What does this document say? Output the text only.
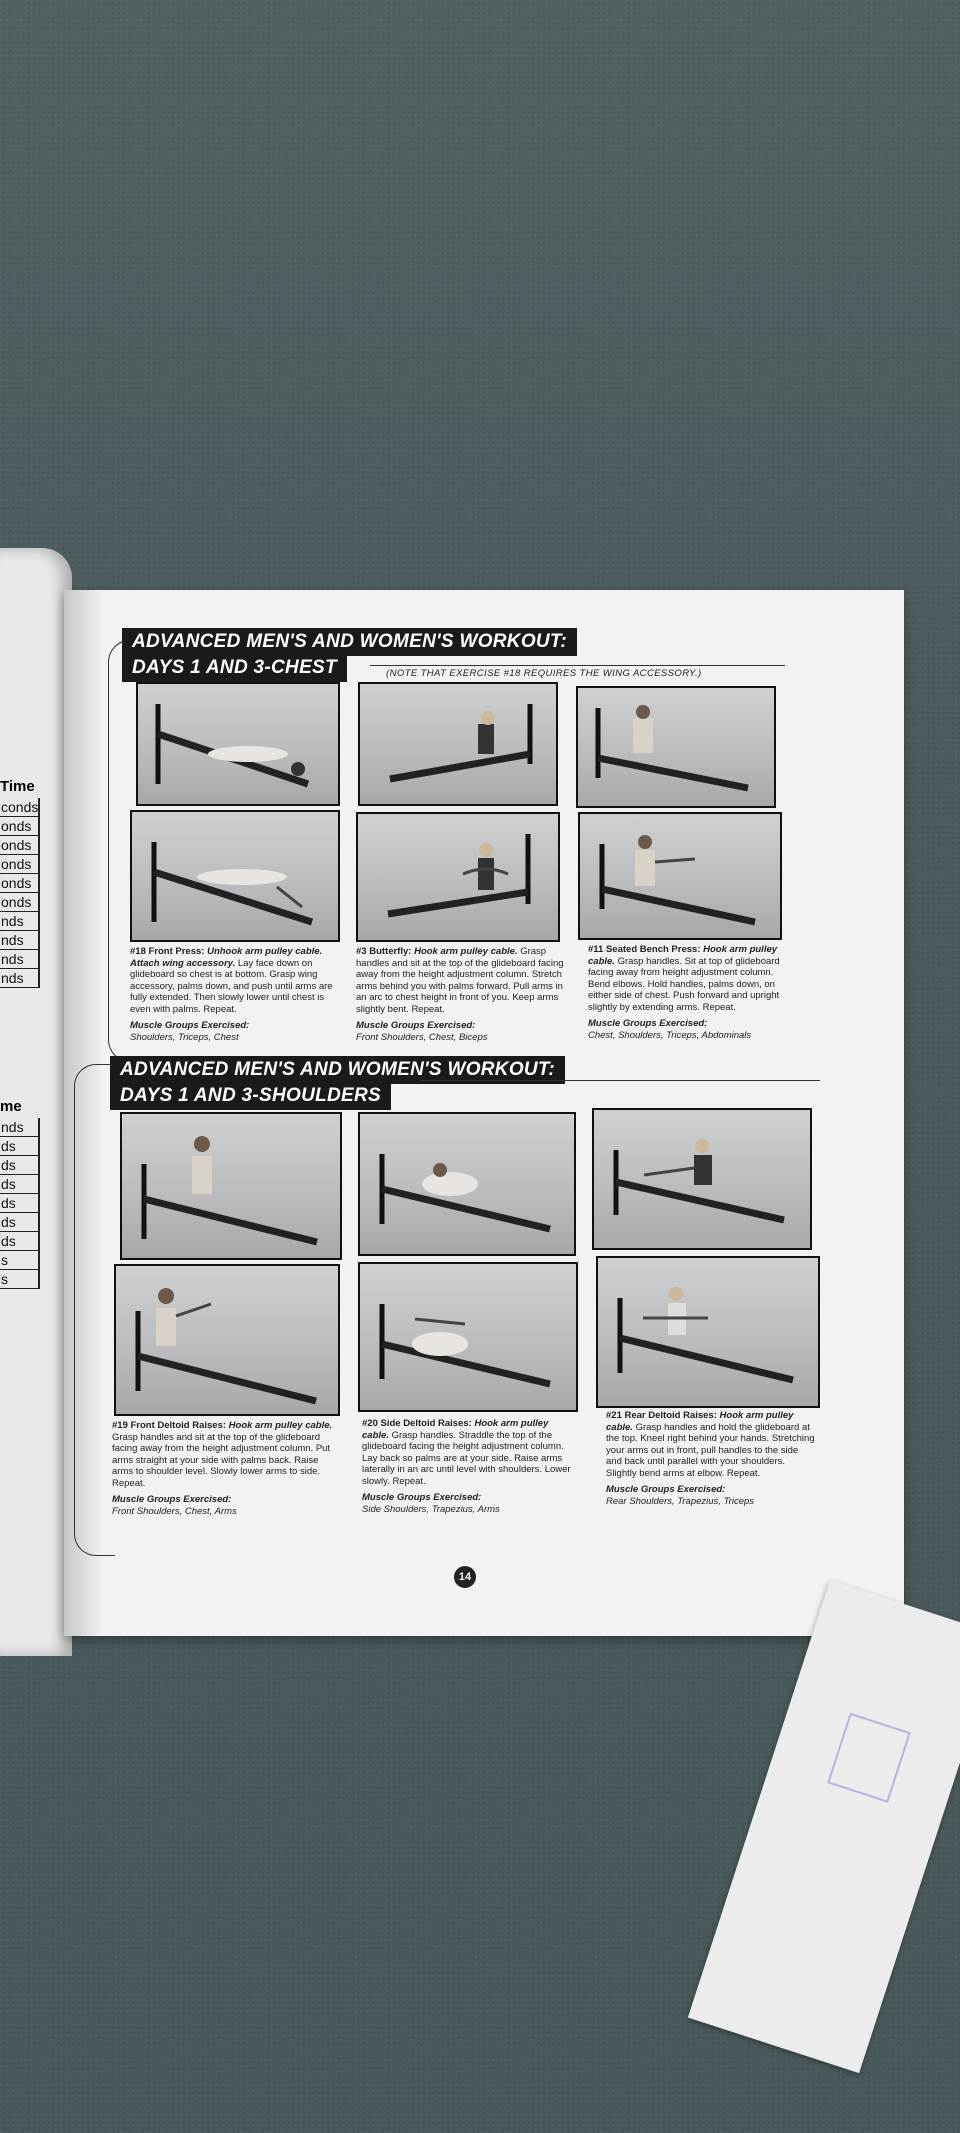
Time
conds
onds
onds
onds
onds
onds
nds
nds
nds
nds
me
nds
ds
ds
ds
ds
ds
ds
s
s
ADVANCED MEN'S AND WOMEN'S WORKOUT:
DAYS 1 AND 3-CHEST	(NOTE THAT EXERCISE #18 REQUIRES THE WING ACCESSORY.)
#18 Front Press: Unhook arm pulley cable. Attach wing accessory. Lay face down on glideboard so chest is at bottom. Grasp wing accessory, palms down, and push until arms are fully extended. Then slowly lower until chest is even with palms. Repeat.
Muscle Groups Exercised:
Shoulders, Triceps, Chest
#3 Butterfly: Hook arm pulley cable. Grasp handles and sit at the top of the glideboard facing away from the height adjustment column. Stretch arms behind you with palms forward. Pull arms in an arc to chest height in front of you. Keep arms slightly bent. Repeat.
Muscle Groups Exercised:
Front Shoulders, Chest, Biceps
#11 Seated Bench Press: Hook arm pulley cable. Grasp handles. Sit at top of glideboard facing away from height adjustment column. Bend elbows. Hold handles, palms down, on either side of chest. Push forward and upright slightly by extending arms. Repeat.
Muscle Groups Exercised:
Chest, Shoulders, Triceps, Abdominals
ADVANCED MEN'S AND WOMEN'S WORKOUT:
DAYS 1 AND 3-SHOULDERS
#19 Front Deltoid Raises: Hook arm pulley cable. Grasp handles and sit at the top of the glideboard facing away from the height adjustment column. Put arms straight at your side with palms back. Raise arms to shoulder level. Slowly lower arms to side. Repeat.
Muscle Groups Exercised:
Front Shoulders, Chest, Arms
#20 Side Deltoid Raises: Hook arm pulley cable. Grasp handles. Straddle the top of the glideboard facing the height adjustment column. Lay back so palms are at your side. Raise arms laterally in an arc until level with shoulders. Lower slowly. Repeat.
Muscle Groups Exercised:
Side Shoulders, Trapezius, Arms
#21 Rear Deltoid Raises: Hook arm pulley cable. Grasp handles and hold the glideboard at the top. Kneel right behind your hands. Stretching your arms out in front, pull handles to the side and back until parallel with your shoulders. Slightly bend arms at elbow. Repeat.
Muscle Groups Exercised:
Rear Shoulders, Trapezius, Triceps
14
